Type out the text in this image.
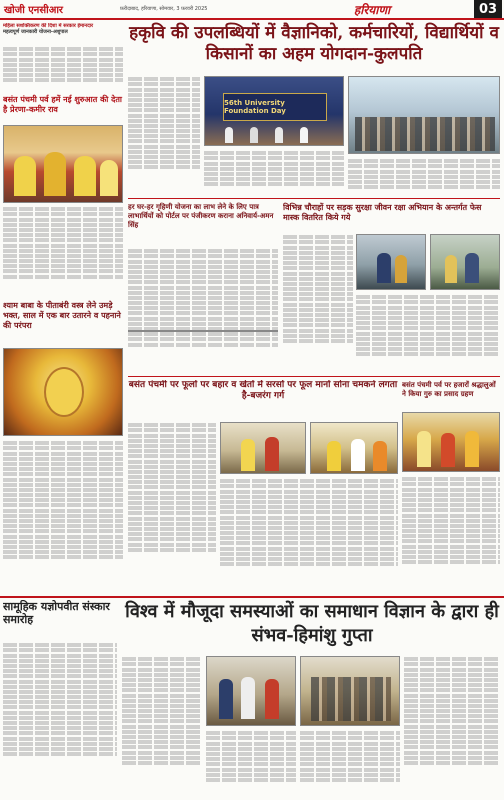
खोजी एनसीआर	फ़रीदाबाद, हरियाणा, सोमवार, 3 फ़रवरी 2025	हरियाणा	03
महिला सशक्तिकरण की दिशा में सरकार ईमानदार
महत्वपूर्ण जानकारी योजना-अशुपाल
बसंत पंचमी पर्व हमें नई शुरुआत की देता है प्रेरणा-कमीर राव
श्याम बाबा के पीताबंरी वस्त्र लेने उमड़े भक्त, साल में एक बार उतारने व पहनाने की परंपरा
हकृवि की उपलब्धियों में वैज्ञानिको, कर्मचारियों, विद्यार्थियों व किसानों का अहम योगदान-कुलपति
56th University Foundation Day
हर घर-हर गृहिणी योजना का लाभ लेने के लिए पात्र लाभार्थियों को पोर्टल पर पंजीकरण कराना अनिवार्य-अमन सिंह
विभिन्न चौराहों पर सड़क सुरक्षा जीवन रक्षा अभियान के अन्तर्गत फेस मास्क वितरित किये गये
बसंत पंचमी पर फूलों पर बहार व खेतों में सरसों पर फूल मानों सोना चमकने लगता है-बजरंग गर्ग
बसंत पंचमी पर्व पर हजारों श्रद्धालुओं ने किया गुरु का प्रसाद ग्रहण
विश्व में मौजूदा समस्याओं का समाधान विज्ञान के द्वारा ही संभव-हिमांशु गुप्ता
सामूहिक यज्ञोपवीत संस्कार समारोह
